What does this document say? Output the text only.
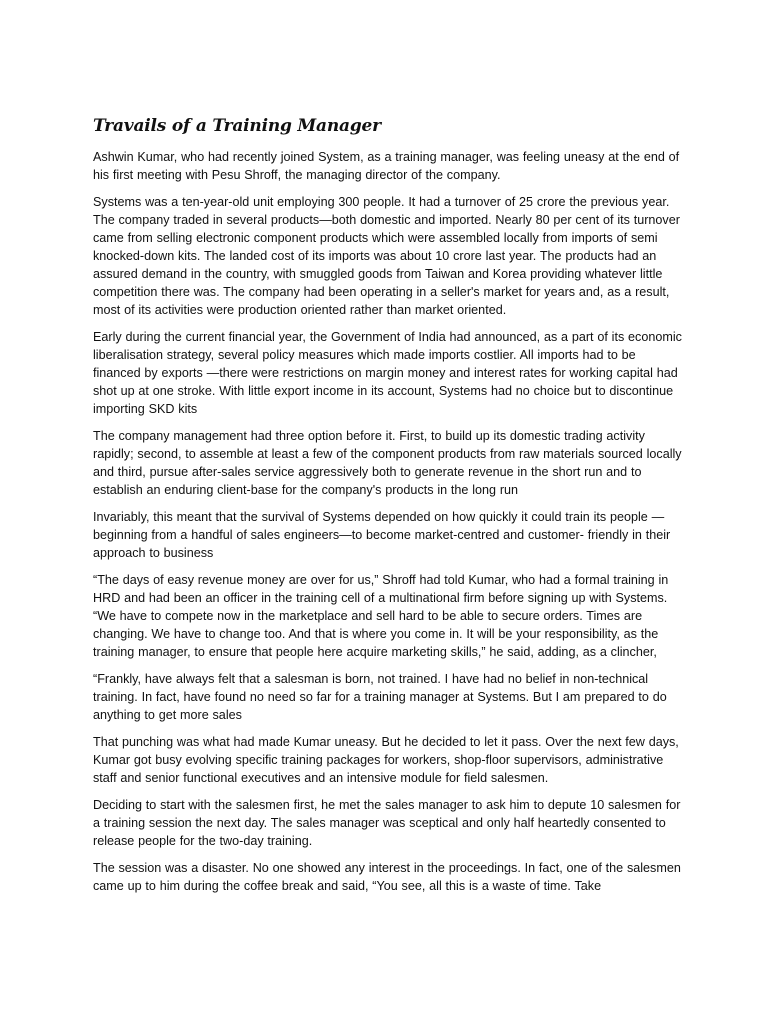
Travails of a Training Manager

Ashwin Kumar, who had recently joined System, as a training manager, was feeling uneasy at the end of his first meeting with Pesu Shroff, the managing director of the company.

Systems was a ten-year-old unit employing 300 people. It had a turnover of 25 crore the previous year. The company traded in several products—both domestic and imported. Nearly 80 per cent of its turnover came from selling electronic component products which were assembled locally from imports of semi knocked-down kits. The landed cost of its imports was about 10 crore last year. The products had an assured demand in the country, with smuggled goods from Taiwan and Korea providing whatever little competition there was. The company had been operating in a seller's market for years and, as a result, most of its activities were production oriented rather than market oriented.

Early during the current financial year, the Government of India had announced, as a part of its economic liberalisation strategy, several policy measures which made imports costlier. All imports had to be financed by exports —there were restrictions on margin money and interest rates for working capital had shot up at one stroke. With little export income in its account, Systems had no choice but to discontinue importing SKD kits

The company management had three option before it. First, to build up its domestic trading activity rapidly; second, to assemble at least a few of the component products from raw materials sourced locally and third, pursue after-sales service aggressively both to generate revenue in the short run and to establish an enduring client-base for the company's products in the long run

Invariably, this meant that the survival of Systems depended on how quickly it could train its people —beginning from a handful of sales engineers—to become market-centred and customer- friendly in their approach to business

“The days of easy revenue money are over for us,” Shroff had told Kumar, who had a formal training in HRD and had been an officer in the training cell of a multinational firm before signing up with Systems. “We have to compete now in the marketplace and sell hard to be able to secure orders. Times are changing. We have to change too. And that is where you come in. It will be your responsibility, as the training manager, to ensure that people here acquire marketing skills,” he said, adding, as a clincher,

“Frankly, have always felt that a salesman is born, not trained. I have had no belief in non-technical training. In fact, have found no need so far for a training manager at Systems. But I am prepared to do anything to get more sales

That punching was what had made Kumar uneasy. But he decided to let it pass. Over the next few days, Kumar got busy evolving specific training packages for workers, shop-floor supervisors, administrative staff and senior functional executives and an intensive module for field salesmen.

Deciding to start with the salesmen first, he met the sales manager to ask him to depute 10 salesmen for a training session the next day. The sales manager was sceptical and only half heartedly consented to release people for the two-day training.

The session was a disaster. No one showed any interest in the proceedings. In fact, one of the salesmen came up to him during the coffee break and said, “You see, all this is a waste of time. Take
